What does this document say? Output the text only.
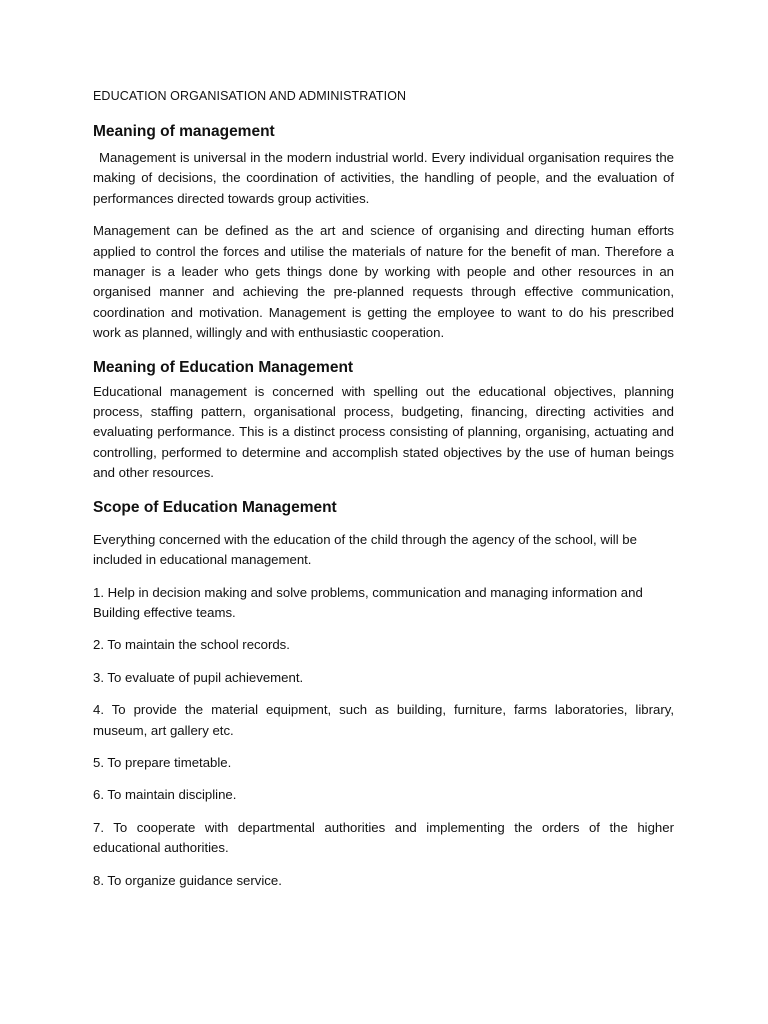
EDUCATION ORGANISATION AND ADMINISTRATION
Meaning of management

Management is universal in the modern industrial world. Every individual organisation requires the making of decisions, the coordination of activities, the handling of people, and the evaluation of performances directed towards group activities.

Management can be defined as the art and science of organising and directing human efforts applied to control the forces and utilise the materials of nature for the benefit of man. Therefore a manager is a leader who gets things done by working with people and other resources in an organised manner and achieving the pre-planned requests through effective communication, coordination and motivation. Management is getting the employee to want to do his prescribed work as planned, willingly and with enthusiastic cooperation.

Meaning of Education Management

Educational management is concerned with spelling out the educational objectives, planning process, staffing pattern, organisational process, budgeting, financing, directing activities and evaluating performance. This is a distinct process consisting of planning, organising, actuating and controlling, performed to determine and accomplish stated objectives by the use of human beings and other resources.

Scope of Education Management

Everything concerned with the education of the child through the agency of the school, will be included in educational management.

1. Help in decision making and solve problems, communication and managing information and Building effective teams.

2. To maintain the school records.

3. To evaluate of pupil achievement.

4. To provide the material equipment, such as building, furniture, farms laboratories, library, museum, art gallery etc.

5. To prepare timetable.

6. To maintain discipline.

7. To cooperate with departmental authorities and implementing the orders of the higher educational authorities.

8. To organize guidance service.
